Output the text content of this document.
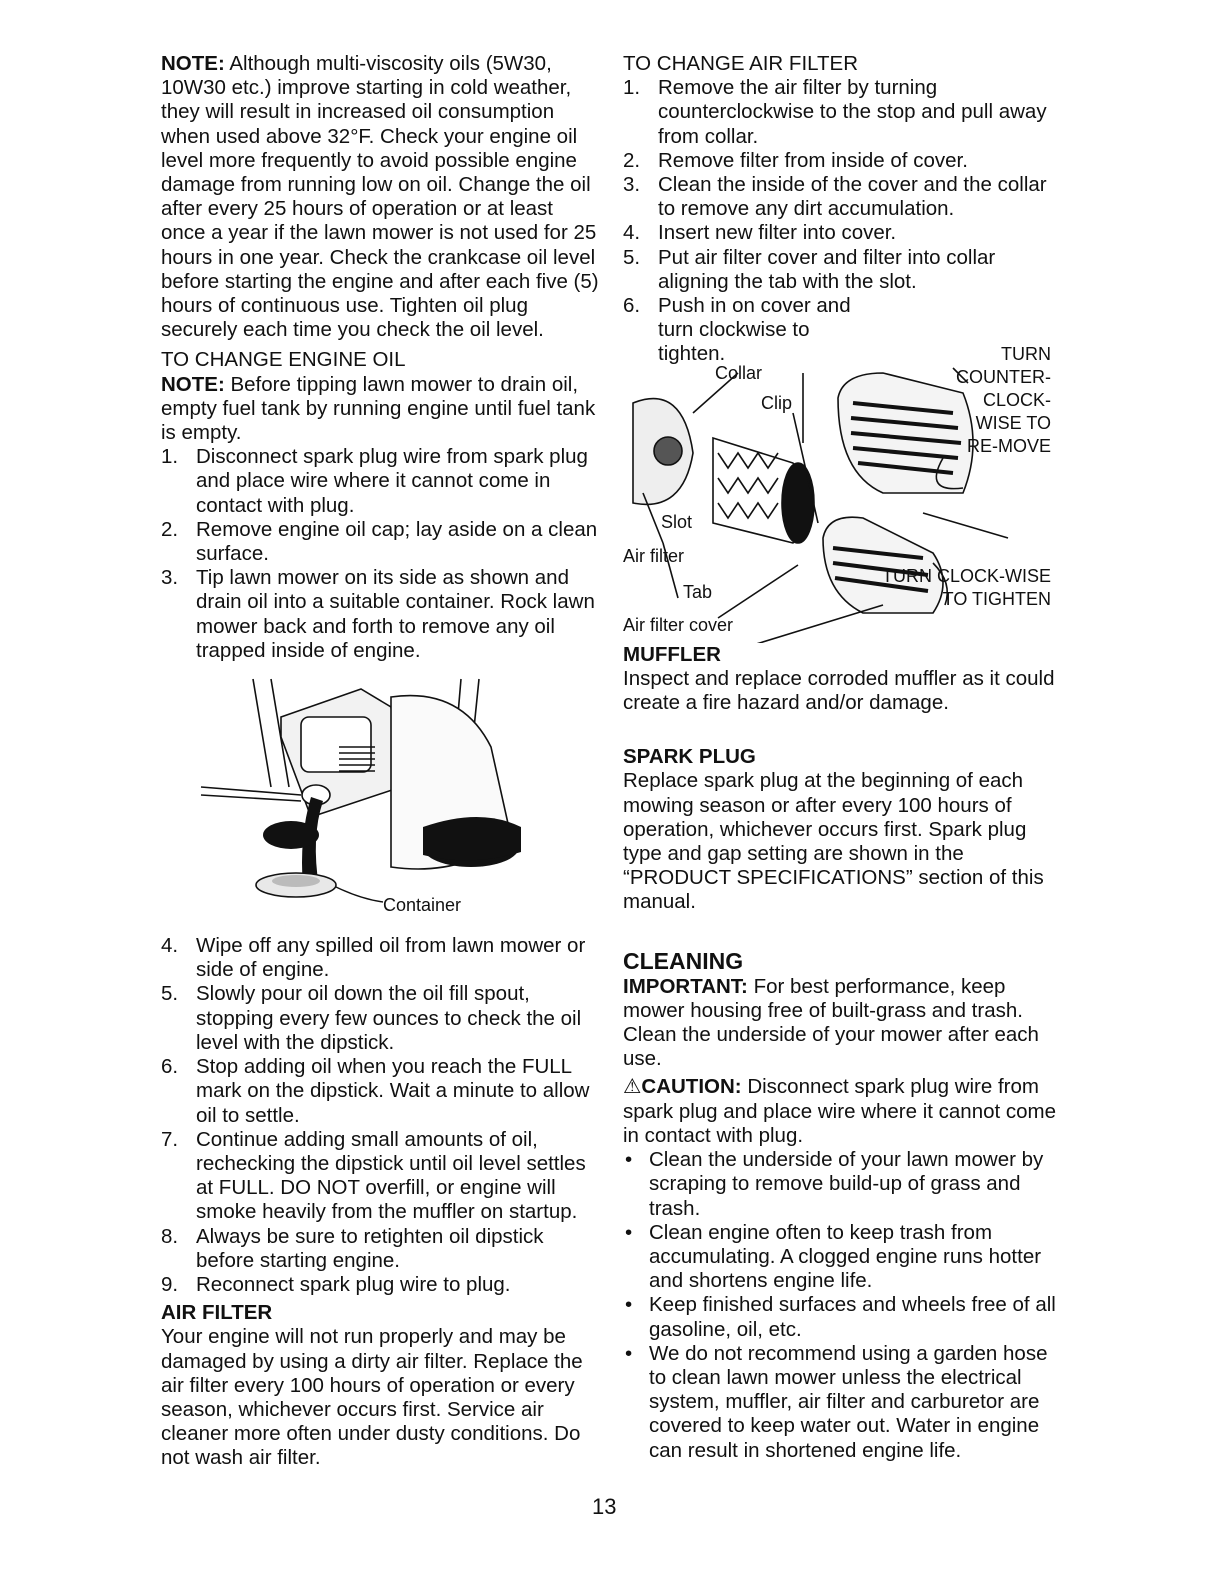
NOTE: Although multi-viscosity oils (5W30, 10W30 etc.) improve starting in cold weather, they will result in increased oil consumption when used above 32°F. Check your engine oil level more frequently to avoid possible engine damage from running low on oil. Change the oil after every 25 hours of operation or at least once a year if the lawn mower is not used for 25 hours in one year. Check the crankcase oil level before starting the engine and after each five (5) hours of continuous use. Tighten oil plug securely each time you check the oil level.

TO CHANGE ENGINE OIL

NOTE: Before tipping lawn mower to drain oil, empty fuel tank by running engine until fuel tank is empty.

1. Disconnect spark plug wire from spark plug and place wire where it cannot come in contact with plug.
2. Remove engine oil cap; lay aside on a clean surface.
3. Tip lawn mower on its side as shown and drain oil into a suitable container. Rock lawn mower back and forth to remove any oil trapped inside of engine.
Container
4. Wipe off any spilled oil from lawn mower or side of engine.
5. Slowly pour oil down the oil fill spout, stopping every few ounces to check the oil level with the dipstick.
6. Stop adding oil when you reach the FULL mark on the dipstick. Wait a minute to allow oil to settle.
7. Continue adding small amounts of oil, rechecking the dipstick until oil level settles at FULL. DO NOT overfill, or engine will smoke heavily from the muffler on startup.
8. Always be sure to retighten oil dipstick before starting engine.
9. Reconnect spark plug wire to plug.

AIR FILTER

Your engine will not run properly and may be damaged by using a dirty air filter. Replace the air filter every 100 hours of operation or every season, whichever occurs first. Service air cleaner more often under dusty conditions. Do not wash air filter.

TO CHANGE AIR FILTER

1. Remove the air filter by turning counterclockwise to the stop and pull away from collar.
2. Remove filter from inside of cover.
3. Clean the inside of the cover and the collar to remove any dirt accumulation.
4. Insert new filter into cover.
5. Put air filter cover and filter into collar aligning the tab with the slot.
6. Push in on cover and turn clockwise to tighten.
Collar
Clip
Slot
Air filter
Tab
Air filter cover
TURN COUNTER-CLOCK-WISE TO RE-MOVE
TURN CLOCK-WISE TO TIGHTEN

MUFFLER

Inspect and replace corroded muffler as it could create a fire hazard and/or damage.

SPARK PLUG

Replace spark plug at the beginning of each mowing season or after every 100 hours of operation, whichever occurs first. Spark plug type and gap setting are shown in the “PRODUCT SPECIFICATIONS” section of this manual.

CLEANING

IMPORTANT: For best performance, keep mower housing free of built-grass and trash. Clean the underside of your mower after each use.

⚠CAUTION: Disconnect spark plug wire from spark plug and place wire where it cannot come in contact with plug.

• Clean the underside of your lawn mower by scraping to remove build-up of grass and trash.
• Clean engine often to keep trash from accumulating. A clogged engine runs hotter and shortens engine life.
• Keep finished surfaces and wheels free of all gasoline, oil, etc.
• We do not recommend using a garden hose to clean lawn mower unless the electrical system, muffler, air filter and carburetor are covered to keep water out. Water in engine can result in shortened engine life.
13
